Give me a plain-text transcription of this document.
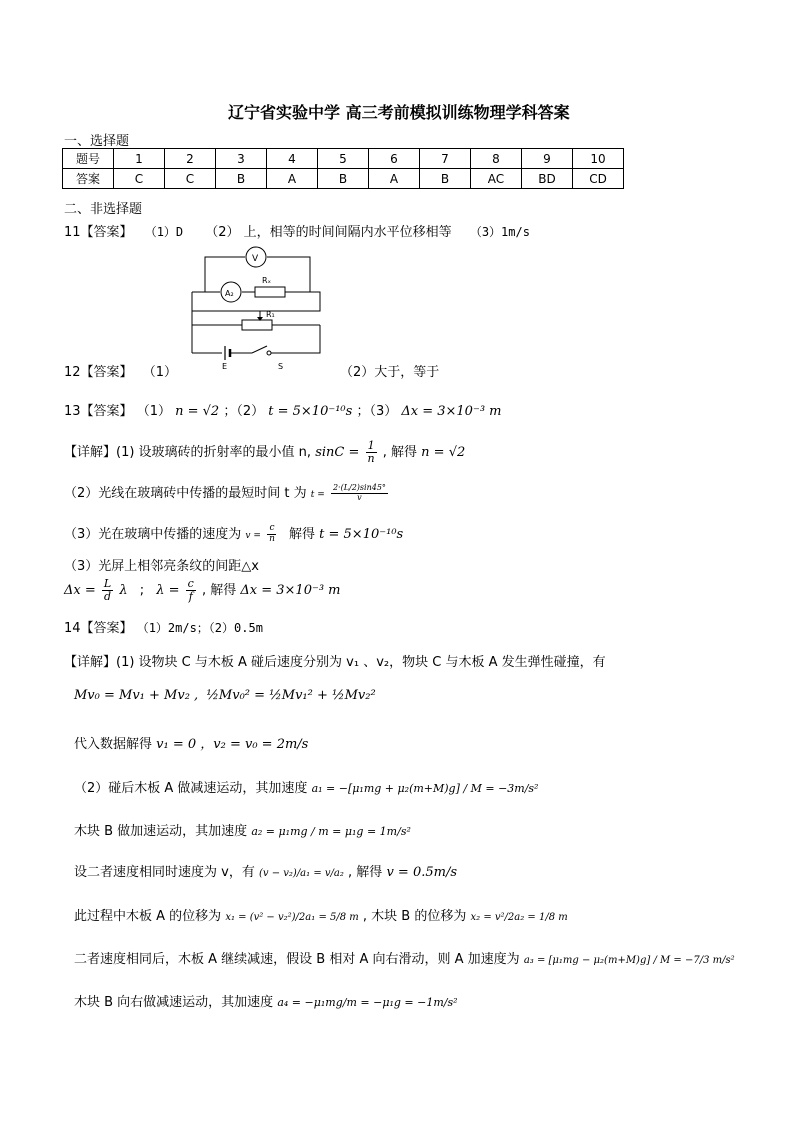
辽宁省实验中学 高三考前模拟训练物理学科答案
一、选择题
题号	1	2	3	4	5	6	7	8	9	10
答案	C	C	B	A	B	A	B	AC	BD	CD
二、非选择题
11【答案】 （1）D （2） 上，相等的时间间隔内水平位移相等 （3）1m/s
V
A₂
Rₓ
R₁
E	S
12【答案】 （1）	（2）大于，等于
13【答案】 （1） n = √2 ；（2） t = 5×10⁻¹⁰s ；（3） Δx = 3×10⁻³ m
【详解】(1) 设玻璃砖的折射率的最小值 n, $\sin C = \frac{1}{n}$ , 解得 n = √2
（2）光线在玻璃砖中传播的最短时间 t 为 $t = \frac{2\cdot(L/2)\sin 45^\circ}{v}$
（3）光在玻璃中传播的速度为 $v = \frac{c}{n}$ 解得 t = 5×10⁻¹⁰s
（3）光屏上相邻亮条纹的间距△x
$\Delta x = \frac{L}{d}$ λ ; $\lambda = \frac{c}{f}$ , 解得 Δx = 3×10⁻³ m
14【答案】 （1）2m/s；（2）0.5m
【详解】(1) 设物块 C 与木板 A 碰后速度分别为 v₁ 、v₂，物块 C 与木板 A 发生弹性碰撞，有
Mv₀ = Mv₁ + Mv₂ , ½Mv₀² = ½Mv₁² + ½Mv₂²
代入数据解得 v₁ = 0 ，v₂ = v₀ = 2m/s
（2）碰后木板 A 做减速运动，其加速度 a₁ = −[μ₁mg + μ₂(m+M)g] / M = −3m/s²
木块 B 做加速运动，其加速度 a₂ = μ₁mg / m = μ₁g = 1m/s²
设二者速度相同时速度为 v，有 (v − v₂)/a₁ = v/a₂ , 解得 v = 0.5m/s
此过程中木板 A 的位移为 x₁ = (v² − v₂²)/2a₁ = 5/8 m , 木块 B 的位移为 x₂ = v²/2a₂ = 1/8 m
二者速度相同后，木板 A 继续减速，假设 B 相对 A 向右滑动，则 A 加速度为 a₃ = [μ₁mg − μ₂(m+M)g] / M = −7/3 m/s²
木块 B 向右做减速运动，其加速度 a₄ = −μ₁mg/m = −μ₁g = −1m/s²
